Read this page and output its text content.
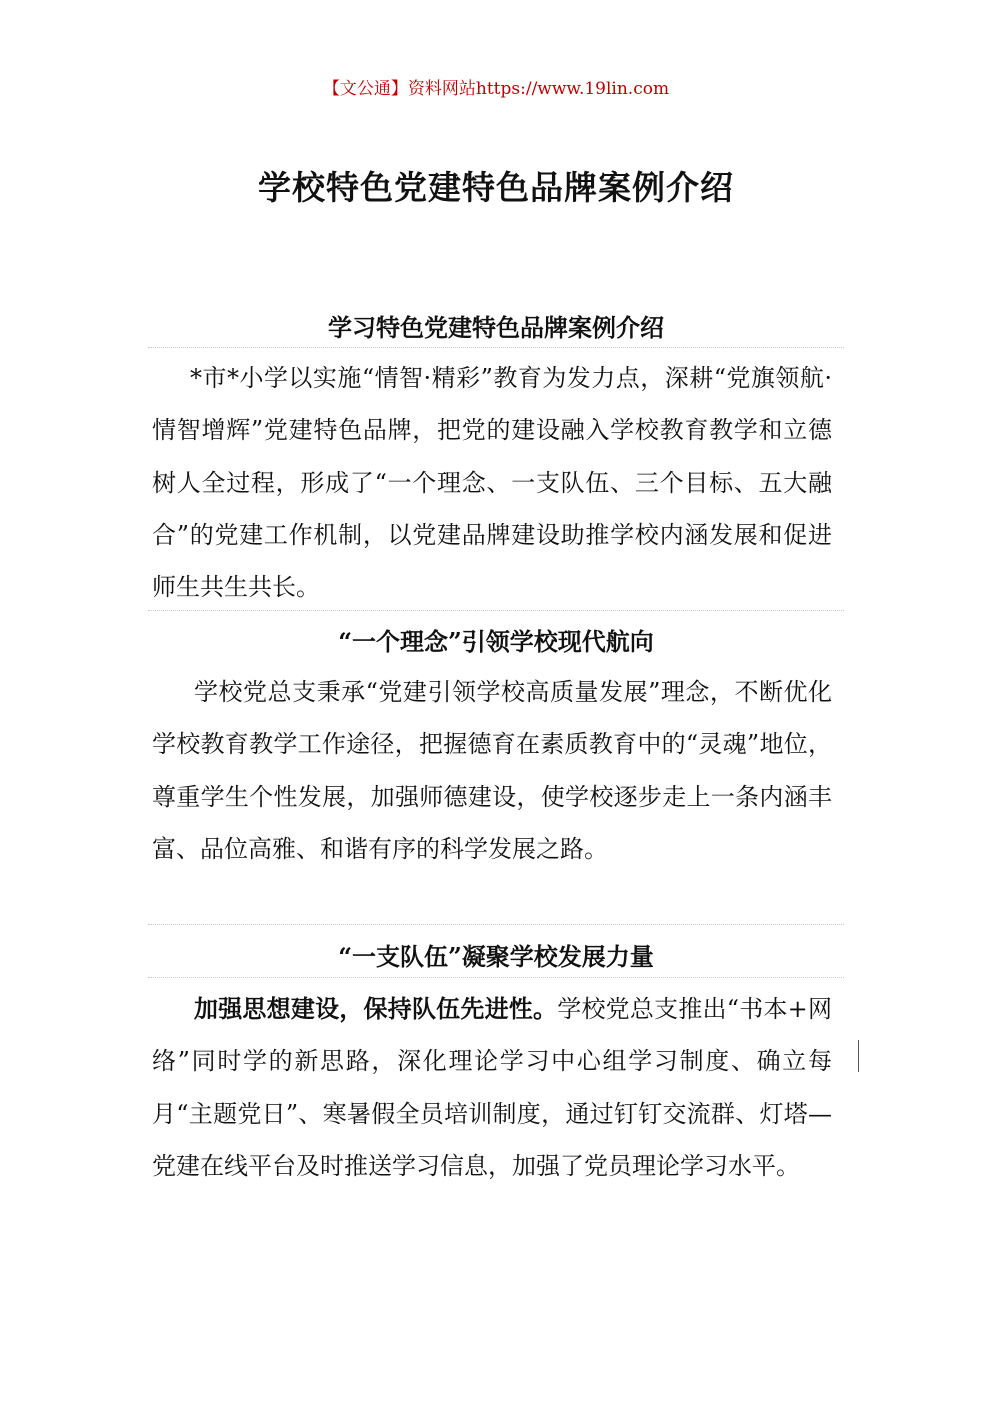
【文公通】资料网站https://www.19lin.com
学校特色党建特色品牌案例介绍
学习特色党建特色品牌案例介绍

*市*小学以实施“情智·精彩”教育为发力点，深耕“党旗领航·情智增辉”党建特色品牌，把党的建设融入学校教育教学和立德树人全过程，形成了“一个理念、一支队伍、三个目标、五大融合”的党建工作机制，以党建品牌建设助推学校内涵发展和促进师生共生共长。

“一个理念”引领学校现代航向

学校党总支秉承“党建引领学校高质量发展”理念，不断优化学校教育教学工作途径，把握德育在素质教育中的“灵魂”地位，尊重学生个性发展，加强师德建设，使学校逐步走上一条内涵丰富、品位高雅、和谐有序的科学发展之路。

“一支队伍”凝聚学校发展力量

加强思想建设，保持队伍先进性。学校党总支推出“书本+网络”同时学的新思路，深化理论学习中心组学习制度、确立每月“主题党日”、寒暑假全员培训制度，通过钉钉交流群、灯塔—党建在线平台及时推送学习信息，加强了党员理论学习水平。
